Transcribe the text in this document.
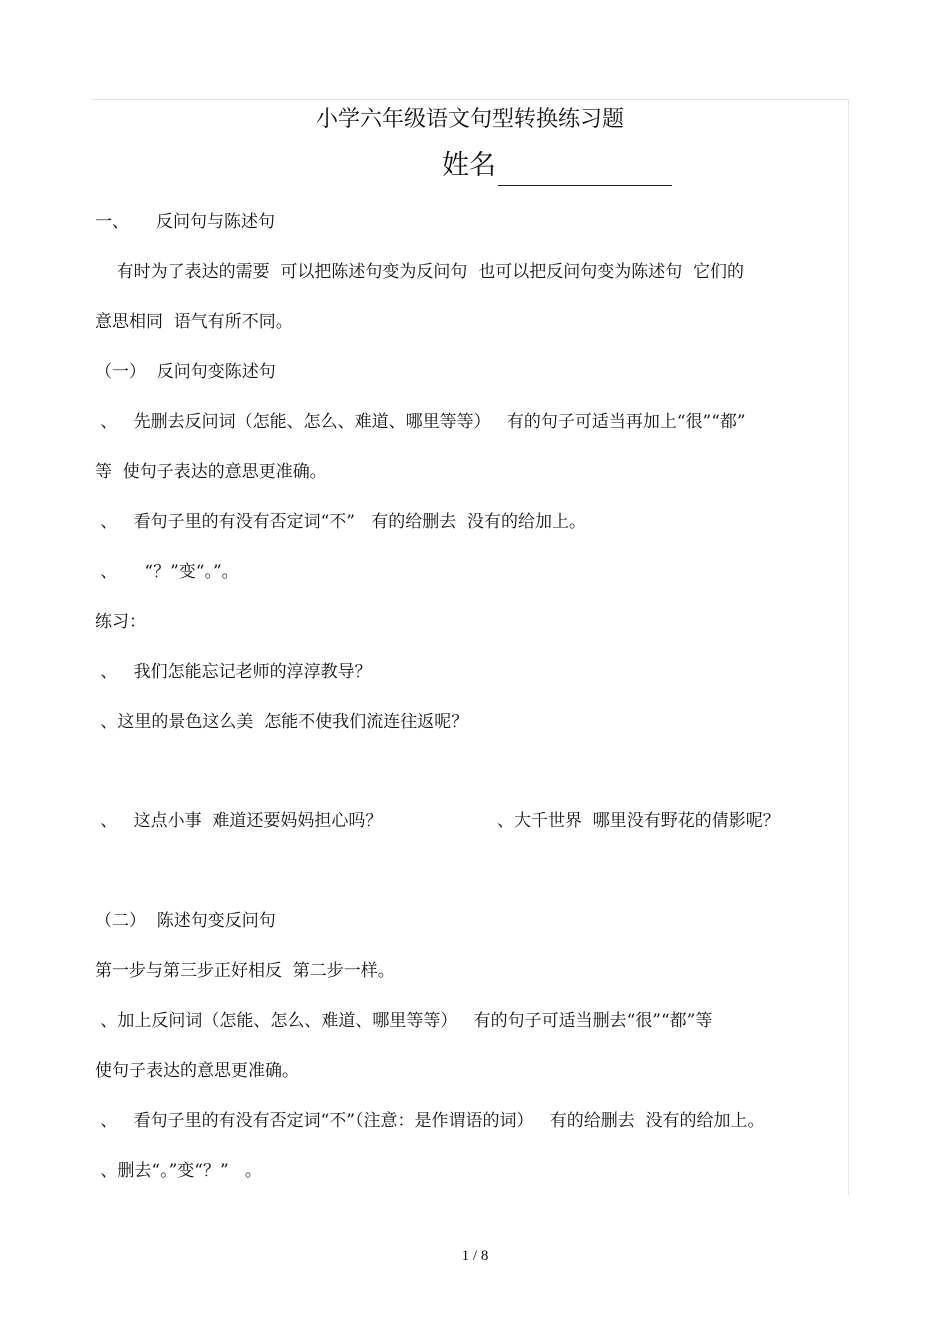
小学六年级语文句型转换练习题
姓名
一、     反问句与陈述句
有时为了表达的需要  可以把陈述句变为反问句  也可以把反问句变为陈述句  它们的
意思相同  语气有所不同。
（一）  反问句变陈述句
、   先删去反问词（怎能、怎么、难道、哪里等等）   有的句子可适当再加上“很”“都”
等  使句子表达的意思更准确。
、   看句子里的有没有否定词“不”   有的给删去  没有的给加上。
、     “？”变“。”。
练习：
、   我们怎能忘记老师的淳淳教导？
、这里的景色这么美  怎能不使我们流连往返呢？
、   这点小事  难道还要妈妈担心吗？	、大千世界  哪里没有野花的倩影呢？
（二）  陈述句变反问句
第一步与第三步正好相反  第二步一样。
、加上反问词（怎能、怎么、难道、哪里等等）   有的句子可适当删去“很”“都”等
使句子表达的意思更准确。
、   看句子里的有没有否定词“不”（注意：是作谓语的词）   有的给删去  没有的给加上。
、删去“。”变“？”   。
1 / 8
